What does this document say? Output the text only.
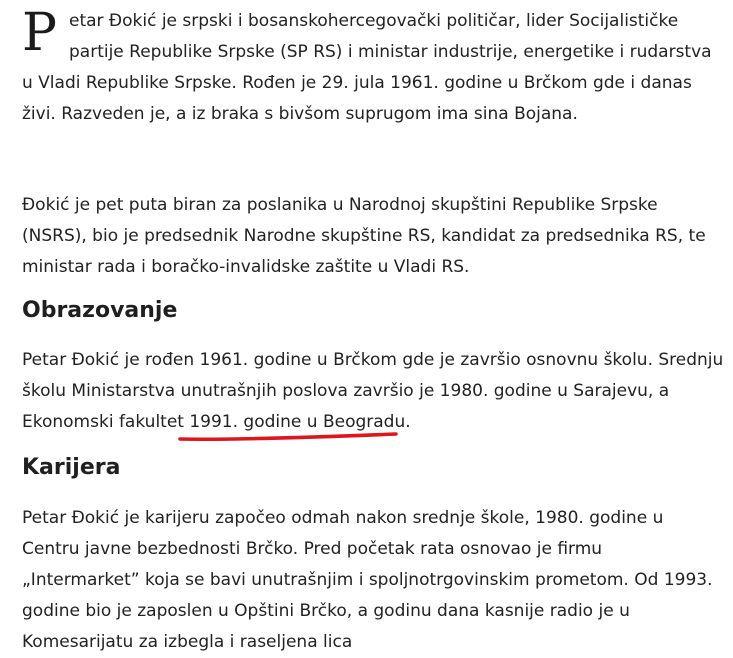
Petar Đokić je srpski i bosanskohercegovački političar, lider Socijalističke partije Republike Srpske (SP RS) i ministar industrije, energetike i rudarstva u Vladi Republike Srpske. Rođen je 29. jula 1961. godine u Brčkom gde i danas živi. Razveden je, a iz braka s bivšom suprugom ima sina Bojana.

Đokić je pet puta biran za poslanika u Narodnoj skupštini Republike Srpske (NSRS), bio je predsednik Narodne skupštine RS, kandidat za predsednika RS, te ministar rada i boračko-invalidske zaštite u Vladi RS.

Obrazovanje

Petar Đokić je rođen 1961. godine u Brčkom gde je završio osnovnu školu. Srednju školu Ministarstva unutrašnjih poslova završio je 1980. godine u Sarajevu, a Ekonomski fakultet 1991. godine u Beogradu.

Karijera

Petar Đokić je karijeru započeo odmah nakon srednje škole, 1980. godine u Centru javne bezbednosti Brčko. Pred početak rata osnovao je firmu „Intermarket” koja se bavi unutrašnjim i spoljnotrgovinskim prometom. Od 1993. godine bio je zaposlen u Opštini Brčko, a godinu dana kasnije radio je u Komesarijatu za izbegla i raseljena lica
